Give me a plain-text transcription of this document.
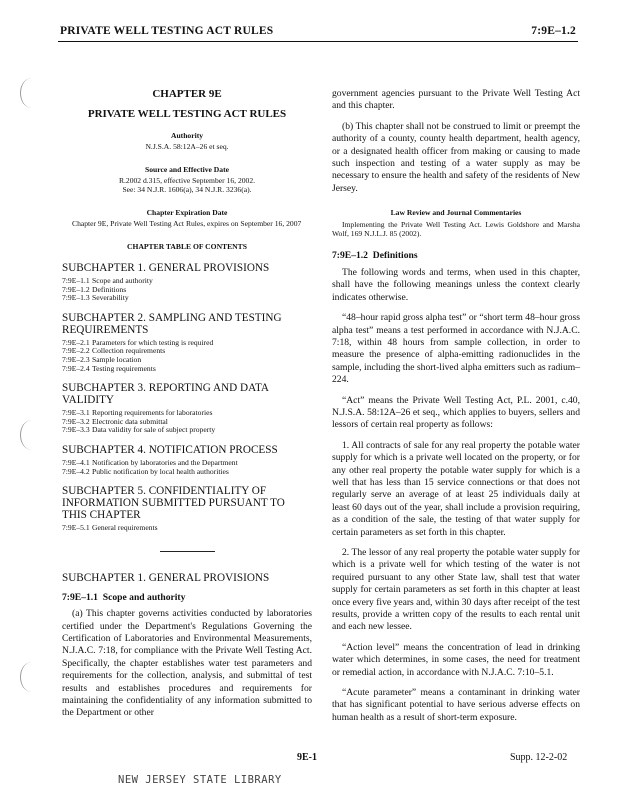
PRIVATE WELL TESTING ACT RULES	7:9E–1.2
CHAPTER 9E
PRIVATE WELL TESTING ACT RULES
Authority
N.J.S.A. 58:12A–26 et seq.
Source and Effective Date
R.2002 d.315, effective September 16, 2002.
See: 34 N.J.R. 1606(a), 34 N.J.R. 3236(a).
Chapter Expiration Date
Chapter 9E, Private Well Testing Act Rules, expires on September 16, 2007
CHAPTER TABLE OF CONTENTS
SUBCHAPTER 1. GENERAL PROVISIONS
7:9E–1.1 Scope and authority
7:9E–1.2 Definitions
7:9E–1.3 Severability
SUBCHAPTER 2. SAMPLING AND TESTING REQUIREMENTS
7:9E–2.1 Parameters for which testing is required
7:9E–2.2 Collection requirements
7:9E–2.3 Sample location
7:9E–2.4 Testing requirements
SUBCHAPTER 3. REPORTING AND DATA VALIDITY
7:9E–3.1 Reporting requirements for laboratories
7:9E–3.2 Electronic data submittal
7:9E–3.3 Data validity for sale of subject property
SUBCHAPTER 4. NOTIFICATION PROCESS
7:9E–4.1 Notification by laboratories and the Department
7:9E–4.2 Public notification by local health authorities
SUBCHAPTER 5. CONFIDENTIALITY OF INFORMATION SUBMITTED PURSUANT TO THIS CHAPTER
7:9E–5.1 General requirements
SUBCHAPTER 1. GENERAL PROVISIONS
7:9E–1.1 Scope and authority

(a) This chapter governs activities conducted by laboratories certified under the Department's Regulations Governing the Certification of Laboratories and Environmental Measurements, N.J.A.C. 7:18, for compliance with the Private Well Testing Act. Specifically, the chapter establishes water test parameters and requirements for the collection, analysis, and submittal of test results and establishes procedures and requirements for maintaining the confidentiality of any information submitted to the Department or other

government agencies pursuant to the Private Well Testing Act and this chapter.

(b) This chapter shall not be construed to limit or preempt the authority of a county, county health department, health agency, or a designated health officer from making or causing to made such inspection and testing of a water supply as may be necessary to ensure the health and safety of the residents of New Jersey.

Law Review and Journal Commentaries
Implementing the Private Well Testing Act. Lewis Goldshore and Marsha Wolf, 169 N.J.L.J. 85 (2002).
7:9E–1.2 Definitions

The following words and terms, when used in this chapter, shall have the following meanings unless the context clearly indicates otherwise.

“48–hour rapid gross alpha test” or “short term 48–hour gross alpha test” means a test performed in accordance with N.J.A.C. 7:18, within 48 hours from sample collection, in order to measure the presence of alpha-emitting radionuclides in the sample, including the short-lived alpha emitters such as radium–224.

“Act” means the Private Well Testing Act, P.L. 2001, c.40, N.J.S.A. 58:12A–26 et seq., which applies to buyers, sellers and lessors of certain real property as follows:

1. All contracts of sale for any real property the potable water supply for which is a private well located on the property, or for any other real property the potable water supply for which is a well that has less than 15 service connections or that does not regularly serve an average of at least 25 individuals daily at least 60 days out of the year, shall include a provision requiring, as a condition of the sale, the testing of that water supply for certain parameters as set forth in this chapter.

2. The lessor of any real property the potable water supply for which is a private well for which testing of the water is not required pursuant to any other State law, shall test that water supply for certain parameters as set forth in this chapter at least once every five years and, within 30 days after receipt of the test results, provide a written copy of the results to each rental unit and each new lessee.

“Action level” means the concentration of lead in drinking water which determines, in some cases, the need for treatment or remedial action, in accordance with N.J.A.C. 7:10–5.1.

“Acute parameter” means a contaminant in drinking water that has significant potential to have serious adverse effects on human health as a result of short-term exposure.

9E-1	Supp. 12-2-02
NEW JERSEY STATE LIBRARY
